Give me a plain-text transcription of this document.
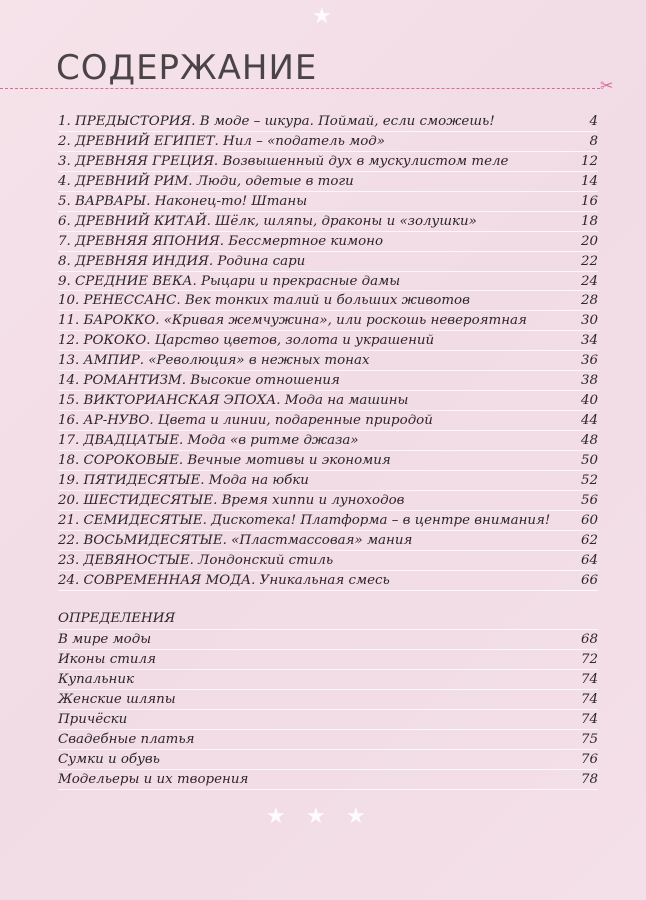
★
СОДЕРЖАНИЕ	✂
1. ПРЕДЫСТОРИЯ. В моде – шкура. Поймай, если сможешь!	4
2. ДРЕВНИЙ ЕГИПЕТ. Нил – «податель мод»	8
3. ДРЕВНЯЯ ГРЕЦИЯ. Возвышенный дух в мускулистом теле	12
4. ДРЕВНИЙ РИМ. Люди, одетые в тоги	14
5. ВАРВАРЫ. Наконец-то! Штаны	16
6. ДРЕВНИЙ КИТАЙ. Шёлк, шляпы, драконы и «золушки»	18
7. ДРЕВНЯЯ ЯПОНИЯ. Бессмертное кимоно	20
8. ДРЕВНЯЯ ИНДИЯ. Родина сари	22
9. СРЕДНИЕ ВЕКА. Рыцари и прекрасные дамы	24
10. РЕНЕССАНС. Век тонких талий и больших животов	28
11. БАРОККО. «Кривая жемчужина», или роскошь невероятная	30
12. РОКОКО. Царство цветов, золота и украшений	34
13. АМПИР. «Революция» в нежных тонах	36
14. РОМАНТИЗМ. Высокие отношения	38
15. ВИКТОРИАНСКАЯ ЭПОХА. Мода на машины	40
16. АР-НУВО. Цвета и линии, подаренные природой	44
17. ДВАДЦАТЫЕ. Мода «в ритме джаза»	48
18. СОРОКОВЫЕ. Вечные мотивы и экономия	50
19. ПЯТИДЕСЯТЫЕ. Мода на юбки	52
20. ШЕСТИДЕСЯТЫЕ. Время хиппи и луноходов	56
21. СЕМИДЕСЯТЫЕ. Дискотека! Платформа – в центре внимания! 60
22. ВОСЬМИДЕСЯТЫЕ. «Пластмассовая» мания	62
23. ДЕВЯНОСТЫЕ. Лондонский стиль	64
24. СОВРЕМЕННАЯ МОДА. Уникальная смесь	66
ОПРЕДЕЛЕНИЯ
В мире моды	68
Иконы стиля	72
Купальник	74
Женские шляпы	74
Причёски	74
Свадебные платья	75
Сумки и обувь	76
Модельеры и их творения	78
★ ★ ★
